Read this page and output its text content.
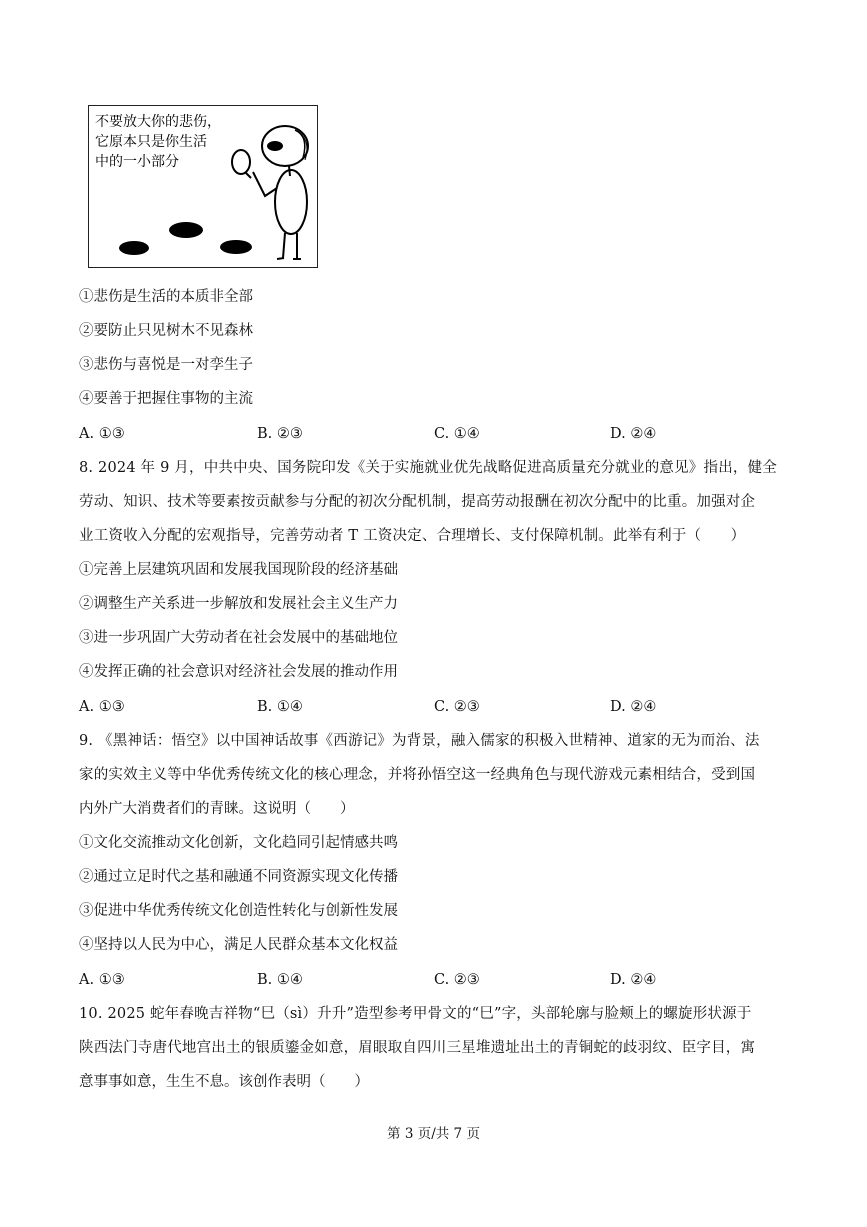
不要放大你的悲伤，
它原本只是你生活
中的一小部分
①悲伤是生活的本质非全部
②要防止只见树木不见森林
③悲伤与喜悦是一对孪生子
④要善于把握住事物的主流
A. ①③	B. ②③	C. ①④	D. ②④
8. 2024 年 9 月，中共中央、国务院印发《关于实施就业优先战略促进高质量充分就业的意见》指出，健全
劳动、知识、技术等要素按贡献参与分配的初次分配机制，提高劳动报酬在初次分配中的比重。加强对企
业工资收入分配的宏观指导，完善劳动者 T 工资决定、合理增长、支付保障机制。此举有利于（　　）
①完善上层建筑巩固和发展我国现阶段的经济基础
②调整生产关系进一步解放和发展社会主义生产力
③进一步巩固广大劳动者在社会发展中的基础地位
④发挥正确的社会意识对经济社会发展的推动作用
A. ①③	B. ①④	C. ②③	D. ②④
9. 《黑神话：悟空》以中国神话故事《西游记》为背景，融入儒家的积极入世精神、道家的无为而治、法
家的实效主义等中华优秀传统文化的核心理念，并将孙悟空这一经典角色与现代游戏元素相结合，受到国
内外广大消费者们的青睐。这说明（　　）
①文化交流推动文化创新，文化趋同引起情感共鸣
②通过立足时代之基和融通不同资源实现文化传播
③促进中华优秀传统文化创造性转化与创新性发展
④坚持以人民为中心，满足人民群众基本文化权益
A. ①③	B. ①④	C. ②③	D. ②④
10. 2025 蛇年春晚吉祥物“巳（sì）升升”造型参考甲骨文的“巳”字，头部轮廓与脸颊上的螺旋形状源于
陕西法门寺唐代地宫出土的银质鎏金如意，眉眼取自四川三星堆遗址出土的青铜蛇的歧羽纹、臣字目，寓
意事事如意，生生不息。该创作表明（　　）
第 3 页/共 7 页
